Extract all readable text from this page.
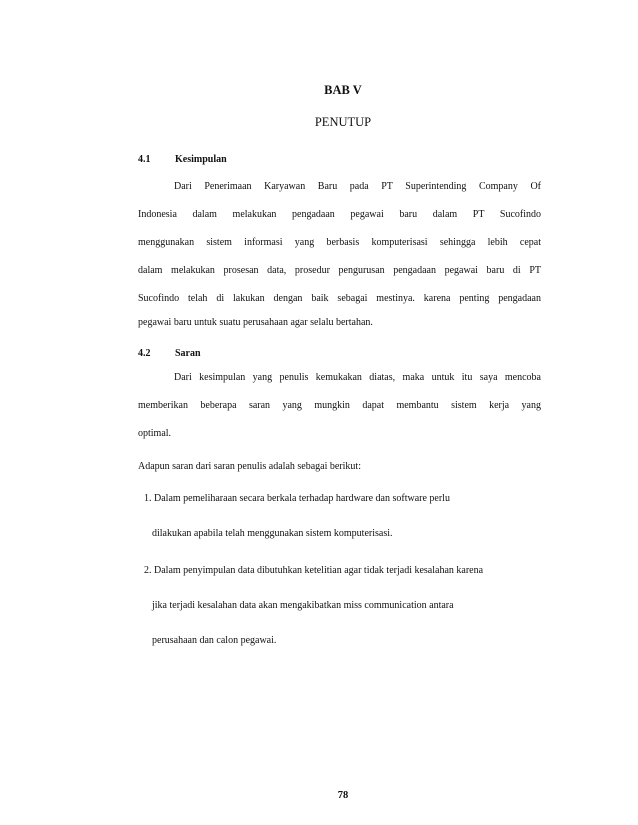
BAB V
PENUTUP
4.1 Kesimpulan
Dari Penerimaan Karyawan Baru pada PT Superintending Company Of
Indonesia dalam melakukan pengadaan pegawai baru dalam PT Sucofindo
menggunakan sistem informasi yang berbasis komputerisasi sehingga lebih cepat
dalam melakukan prosesan data, prosedur pengurusan pengadaan pegawai baru di PT
Sucofindo telah di lakukan dengan baik sebagai mestinya. karena penting pengadaan
pegawai baru untuk suatu perusahaan agar selalu bertahan.
4.2 Saran
Dari kesimpulan yang penulis kemukakan diatas, maka untuk itu saya mencoba
memberikan beberapa saran yang mungkin dapat membantu sistem kerja yang
optimal.
Adapun saran dari saran penulis adalah sebagai berikut:
1. Dalam pemeliharaan secara berkala terhadap hardware dan software perlu
dilakukan apabila telah menggunakan sistem komputerisasi.
2. Dalam penyimpulan data dibutuhkan ketelitian agar tidak terjadi kesalahan karena
jika terjadi kesalahan data akan mengakibatkan miss communication antara
perusahaan dan calon pegawai.
78
